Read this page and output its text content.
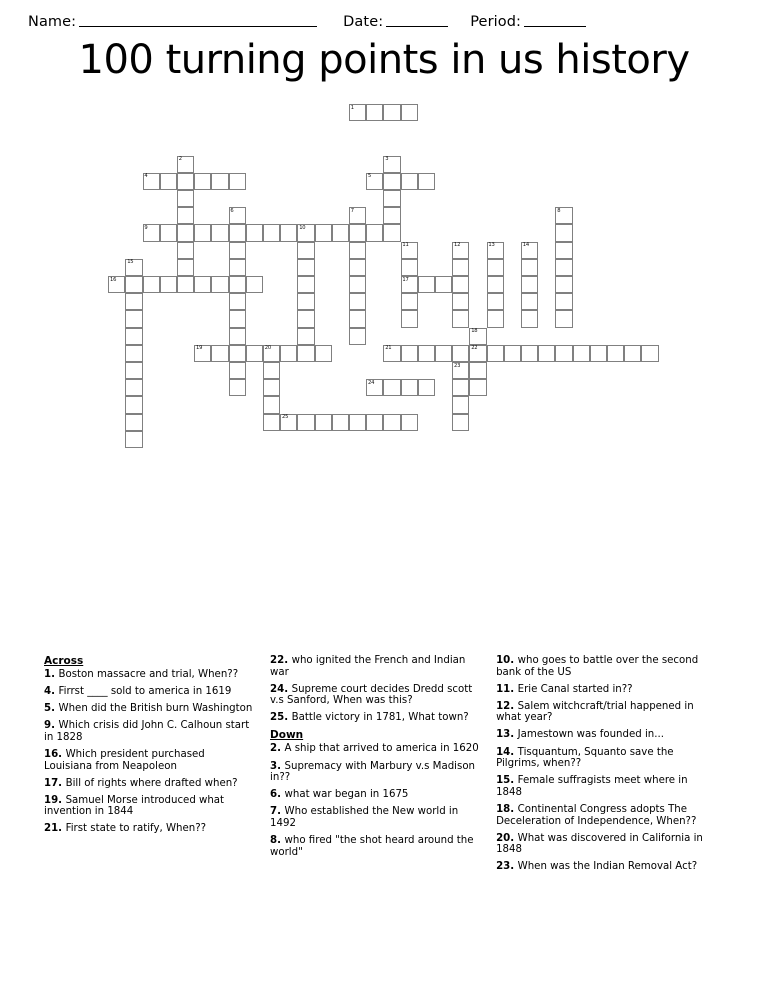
Name:	Date:	Period:
100 turning points in us history
1
2	3
4	5
6	7	8
9	10
11	12	13	14
15
16	17
18
19	20	21	22
23
24
25
Across

1. Boston massacre and trial, When??

4. Firrst ____ sold to america in 1619

5. When did the British burn Washington

9. Which crisis did John C. Calhoun start in 1828

16. Which president purchased Louisiana from Neapoleon

17. Bill of rights where drafted when?

19. Samuel Morse introduced what invention in 1844

21. First state to ratify, When??

22. who ignited the French and Indian war

24. Supreme court decides Dredd scott v.s Sanford, When was this?

25. Battle victory in 1781, What town?

Down

2. A ship that arrived to america in 1620

3. Supremacy with Marbury v.s Madison in??

6. what war began in 1675

7. Who established the New world in 1492

8. who fired "the shot heard around the world"

10. who goes to battle over the second bank of the US

11. Erie Canal started in??

12. Salem witchcraft/trial happened in what year?

13. Jamestown was founded in...

14. Tisquantum, Squanto save the Pilgrims, when??

15. Female suffragists meet where in 1848

18. Continental Congress adopts The Deceleration of Independence, When??

20. What was discovered in California in 1848

23. When was the Indian Removal Act?
